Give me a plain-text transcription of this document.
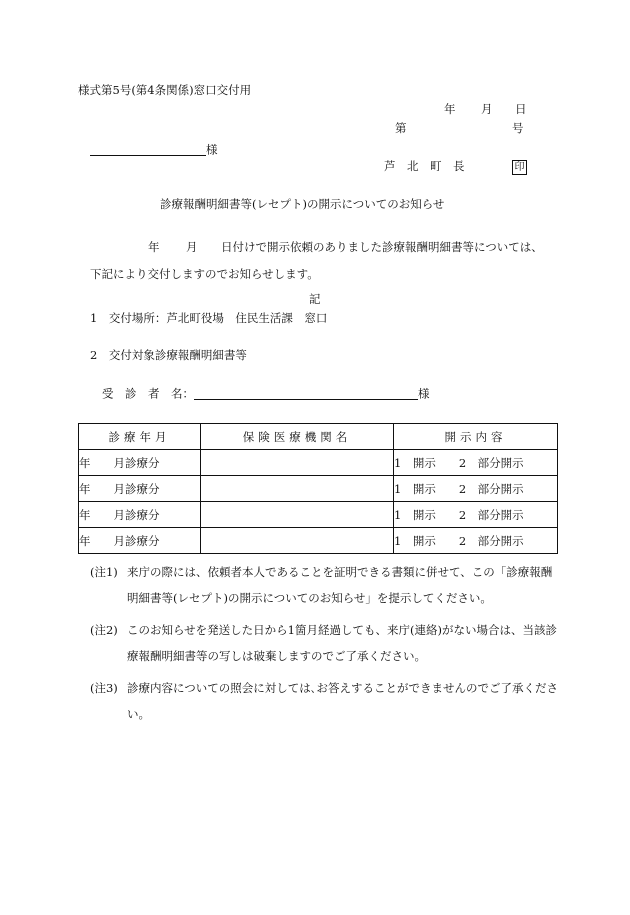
様式第5号(第4条関係)窓口交付用
年 月 日
第	号
様
芦　北　町　長	印
診療報酬明細書等(レセプト)の開示についてのお知らせ
年 月 日付けで開示依頼のありました診療報酬明細書等については、
下記により交付しますのでお知らせします。
記
1　交付場所：芦北町役場　住民生活課　窓口
2　交付対象診療報酬明細書等
受　診　者　名：	様
診療年月	保険医療機関名	開示内容
年　　月診療分		1　開示　　2　部分開示
年　　月診療分		1　開示　　2　部分開示
年　　月診療分		1　開示　　2　部分開示
年　　月診療分		1　開示　　2　部分開示
(注1) 来庁の際には、依頼者本人であることを証明できる書類に併せて、この「診療報酬明細書等(レセプト)の開示についてのお知らせ」を提示してください。
(注2) このお知らせを発送した日から1箇月経過しても、来庁(連絡)がない場合は、当該診療報酬明細書等の写しは破棄しますのでご了承ください。
(注3) 診療内容についての照会に対しては､お答えすることができませんのでご了承ください。
